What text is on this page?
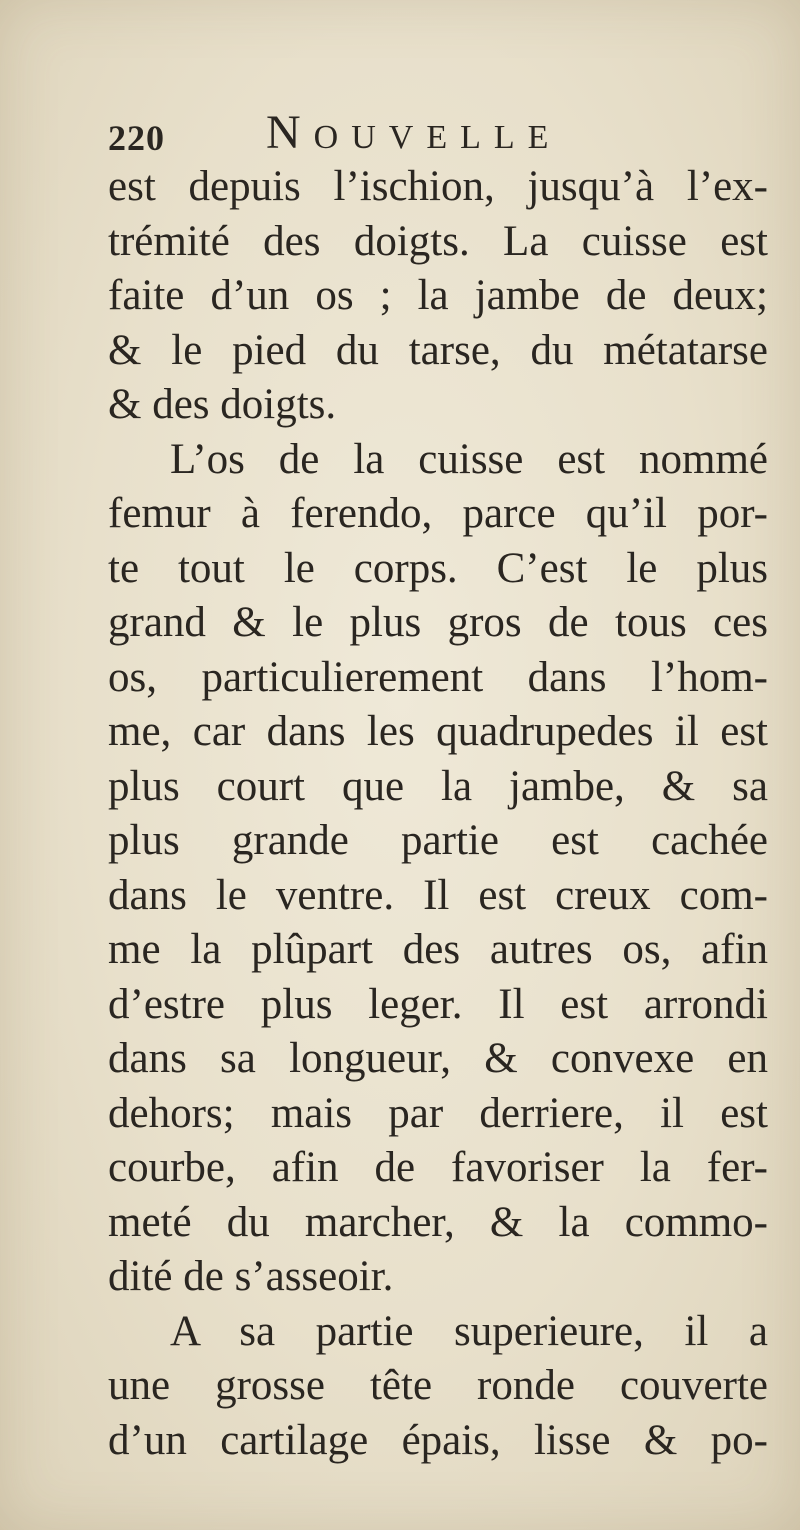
220 Nouvelle
est depuis l’ischion, jusqu’à l’ex-
trémité des doigts. La cuisse est
faite d’un os ; la jambe de deux;
& le pied du tarse, du métatarse
& des doigts.
L’os de la cuisse est nommé
femur à ferendo, parce qu’il por-
te tout le corps. C’est le plus
grand & le plus gros de tous ces
os, particulierement dans l’hom-
me, car dans les quadrupedes il est
plus court que la jambe, & sa
plus grande partie est cachée
dans le ventre. Il est creux com-
me la plûpart des autres os, afin
d’estre plus leger. Il est arrondi
dans sa longueur, & convexe en
dehors; mais par derriere, il est
courbe, afin de favoriser la fer-
meté du marcher, & la commo-
dité de s’asseoir.
A sa partie superieure, il a
une grosse tête ronde couverte
d’un cartilage épais, lisse & po-
